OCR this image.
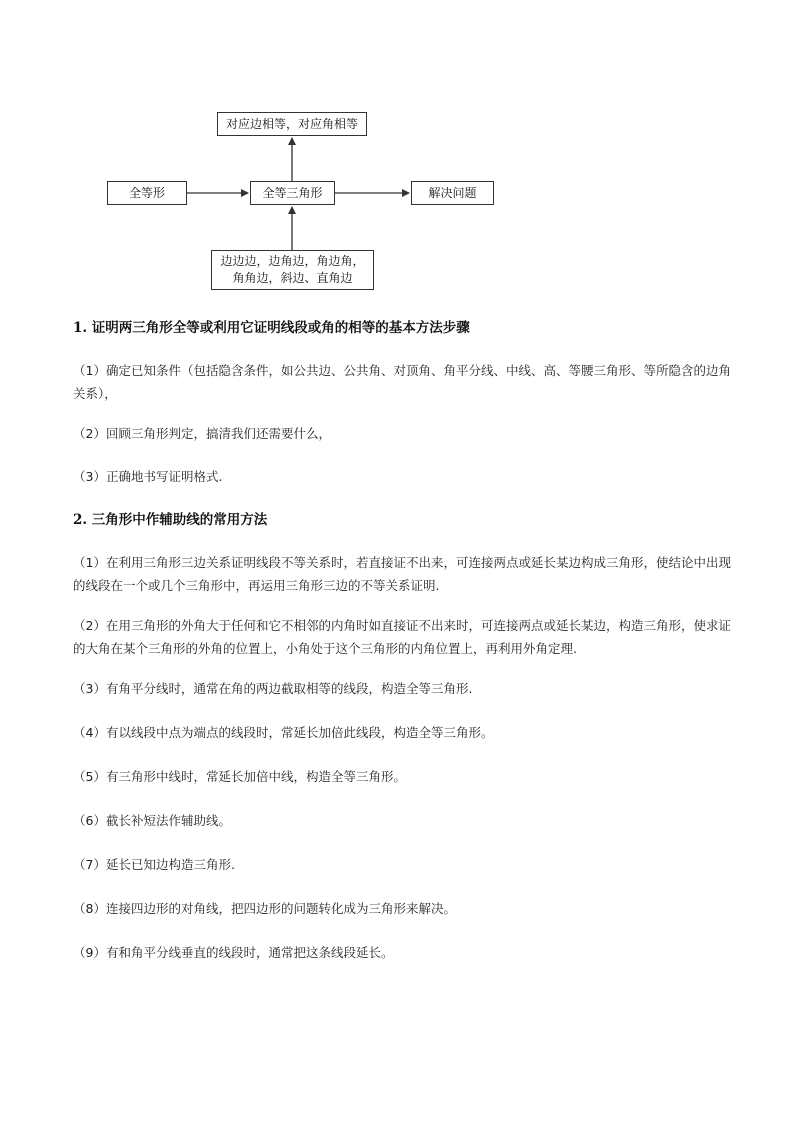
对应边相等，对应角相等
全等形	全等三角形	解决问题
边边边，边角边，角边角，
角角边，斜边、直角边

1. 证明两三角形全等或利用它证明线段或角的相等的基本方法步骤

（1）确定已知条件（包括隐含条件，如公共边、公共角、对顶角、角平分线、中线、高、等腰三角形、等所隐含的边角关系），

（2）回顾三角形判定，搞清我们还需要什么，

（3）正确地书写证明格式.

2. 三角形中作辅助线的常用方法

（1）在利用三角形三边关系证明线段不等关系时，若直接证不出来，可连接两点或延长某边构成三角形，使结论中出现的线段在一个或几个三角形中，再运用三角形三边的不等关系证明.

（2）在用三角形的外角大于任何和它不相邻的内角时如直接证不出来时，可连接两点或延长某边，构造三角形，使求证的大角在某个三角形的外角的位置上，小角处于这个三角形的内角位置上，再利用外角定理.

（3）有角平分线时，通常在角的两边截取相等的线段，构造全等三角形.

（4）有以线段中点为端点的线段时，常延长加倍此线段，构造全等三角形。

（5）有三角形中线时，常延长加倍中线，构造全等三角形。

（6）截长补短法作辅助线。

（7）延长已知边构造三角形.

（8）连接四边形的对角线，把四边形的问题转化成为三角形来解决。

（9）有和角平分线垂直的线段时，通常把这条线段延长。
